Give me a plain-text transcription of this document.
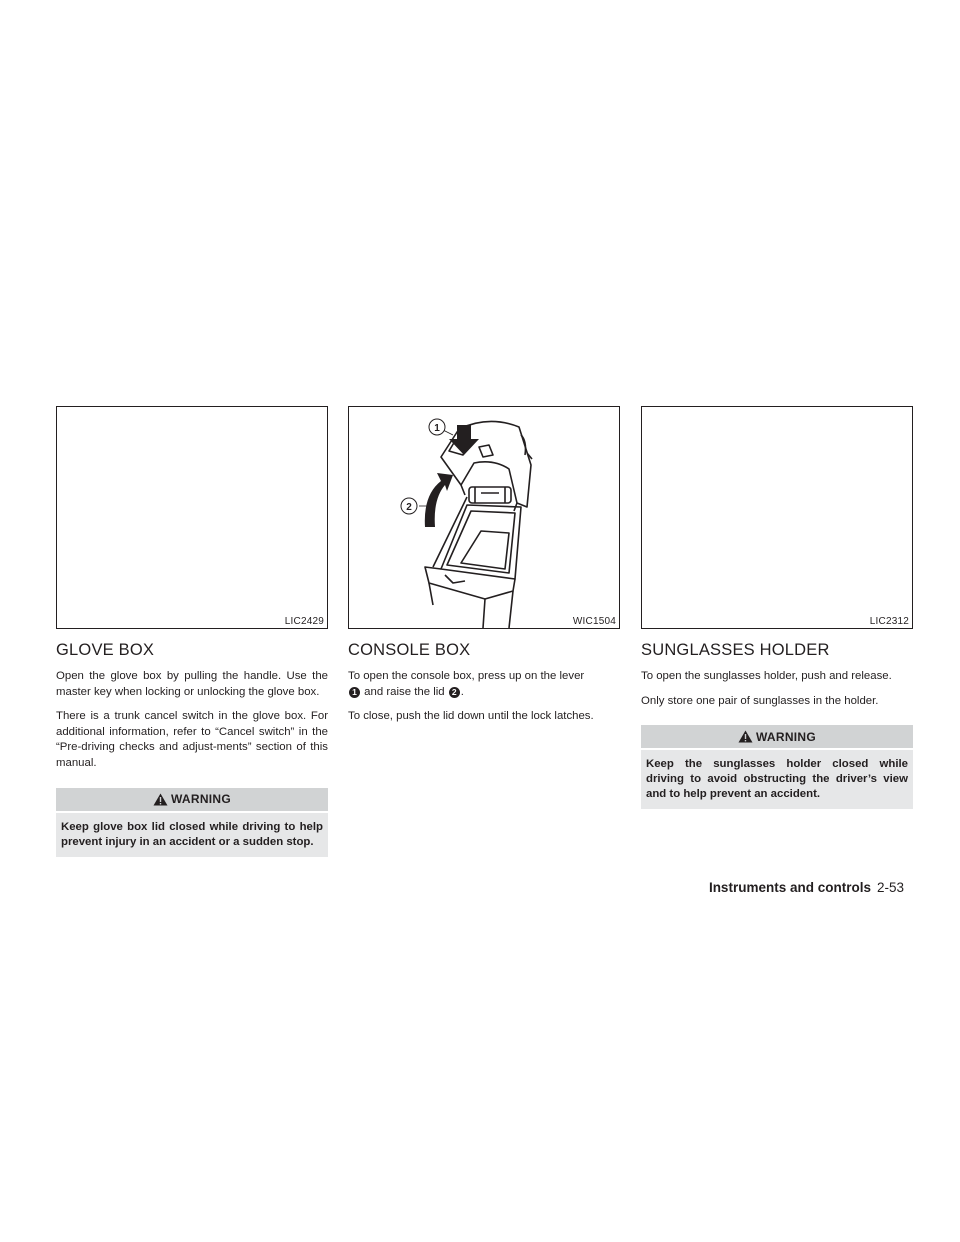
LIC2429
GLOVE BOX

Open the glove box by pulling the handle. Use the master key when locking or unlocking the glove box.

There is a trunk cancel switch in the glove box. For additional information, refer to “Cancel switch” in the “Pre-driving checks and adjust-ments” section of this manual.

WARNING
Keep glove box lid closed while driving to help prevent injury in an accident or a sudden stop.
1
2
WIC1504
CONSOLE BOX

To open the console box, press up on the lever
1 and raise the lid 2 .

To close, push the lid down until the lock latches.

LIC2312
SUNGLASSES HOLDER

To open the sunglasses holder, push and release.

Only store one pair of sunglasses in the holder.

WARNING
Keep the sunglasses holder closed while driving to avoid obstructing the driver’s view and to help prevent an accident.
Instruments and controls 2-53
